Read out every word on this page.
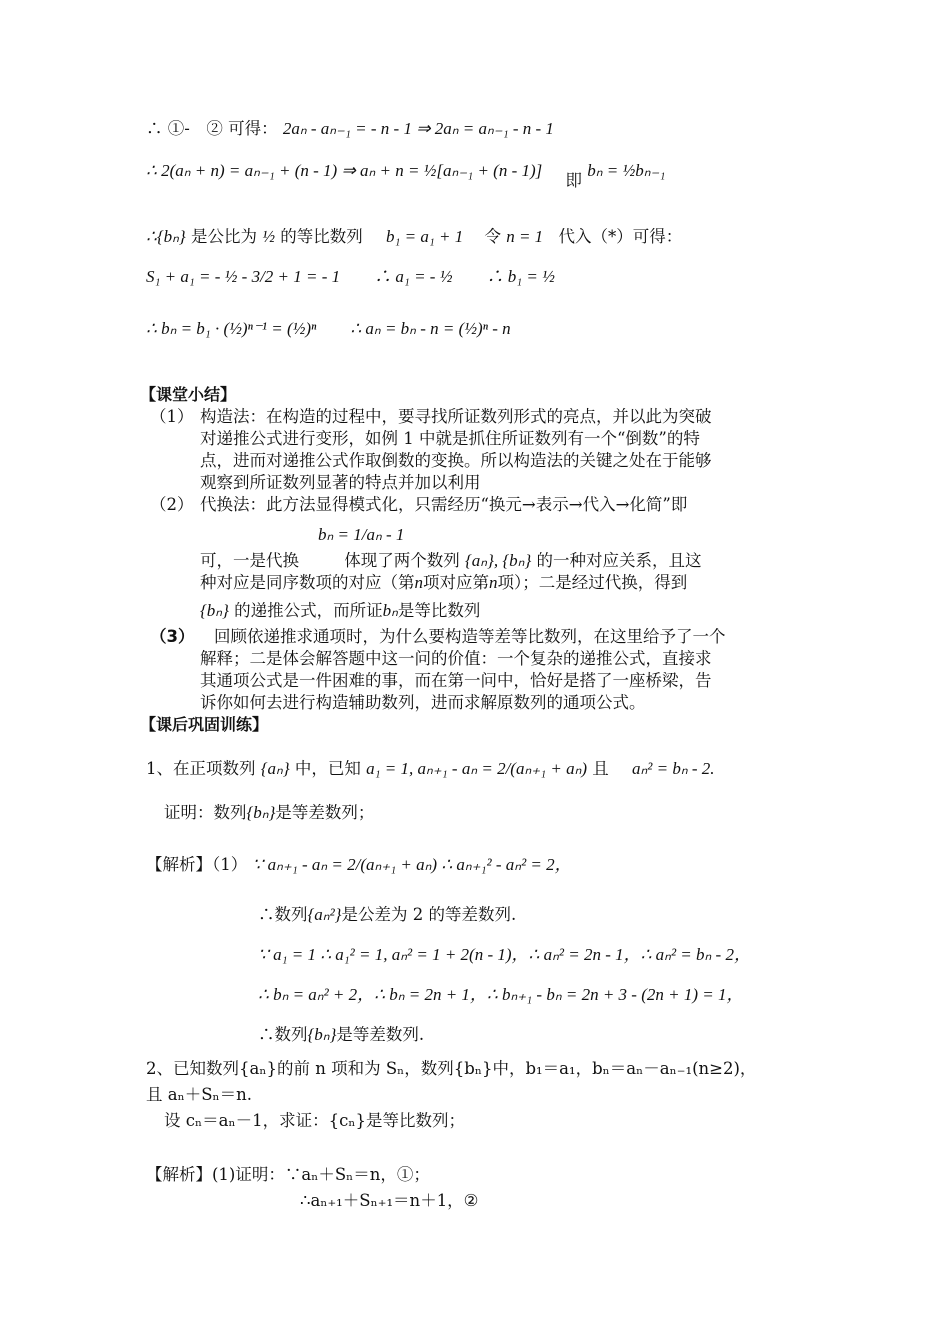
∴ ①-　② 可得： 2aₙ - aₙ₋₁ = - n - 1 ⇒ 2aₙ = aₙ₋₁ - n - 1
∴ 2(aₙ + n) = aₙ₋₁ + (n - 1) ⇒ aₙ + n = ½[aₙ₋₁ + (n - 1)] 即 bₙ = ½bₙ₋₁
∴{bₙ} 是公比为 ½ 的等比数列 b₁ = a₁ + 1 令 n = 1 代入（*）可得：
S₁ + a₁ = - ½ - 3/2 + 1 = - 1　　∴ a₁ = - ½　　∴ b₁ = ½
∴ bₙ = b₁ · (½)ⁿ⁻¹ = (½)ⁿ　　∴ aₙ = bₙ - n = (½)ⁿ - n
【课堂小结】
（1） 构造法：在构造的过程中，要寻找所证数列形式的亮点，并以此为突破
对递推公式进行变形，如例 1 中就是抓住所证数列有一个“倒数”的特
点，进而对递推公式作取倒数的变换。所以构造法的关键之处在于能够
观察到所证数列显著的特点并加以利用
（2） 代换法：此方法显得模式化，只需经历“换元→表示→代入→化简”即
bₙ = 1/aₙ - 1
可，一是代换	体现了两个数列 {aₙ}, {bₙ} 的一种对应关系，且这
种对应是同序数项的对应（第n项对应第n项）；二是经过代换，得到
{bₙ} 的递推公式，而所证bₙ是等比数列
（3） 回顾依递推求通项时，为什么要构造等差等比数列，在这里给予了一个
解释；二是体会解答题中这一问的价值：一个复杂的递推公式，直接求
其通项公式是一件困难的事，而在第一问中，恰好是搭了一座桥梁，告
诉你如何去进行构造辅助数列，进而求解原数列的通项公式。
【课后巩固训练】
1、在正项数列 {aₙ} 中，已知 a₁ = 1, aₙ₊₁ - aₙ = 2/(aₙ₊₁ + aₙ) 且 aₙ² = bₙ - 2.
证明：数列{bₙ}是等差数列；
【解析】（1） ∵ aₙ₊₁ - aₙ = 2/(aₙ₊₁ + aₙ) ∴ aₙ₊₁² - aₙ² = 2，
∴数列{aₙ²}是公差为 2 的等差数列.
∵ a₁ = 1 ∴ a₁² = 1, aₙ² = 1 + 2(n - 1)，∴ aₙ² = 2n - 1，∴ aₙ² = bₙ - 2，
∴ bₙ = aₙ² + 2，∴ bₙ = 2n + 1，∴ bₙ₊₁ - bₙ = 2n + 3 - (2n + 1) = 1，
∴数列{bₙ}是等差数列.
2、已知数列{aₙ}的前 n 项和为 Sₙ，数列{bₙ}中，b₁＝a₁，bₙ＝aₙ－aₙ₋₁(n≥2)，
且 aₙ＋Sₙ＝n.
设 cₙ＝aₙ－1，求证：{cₙ}是等比数列；
【解析】(1)证明：∵aₙ＋Sₙ＝n，①；
∴aₙ₊₁＋Sₙ₊₁＝n＋1，②
